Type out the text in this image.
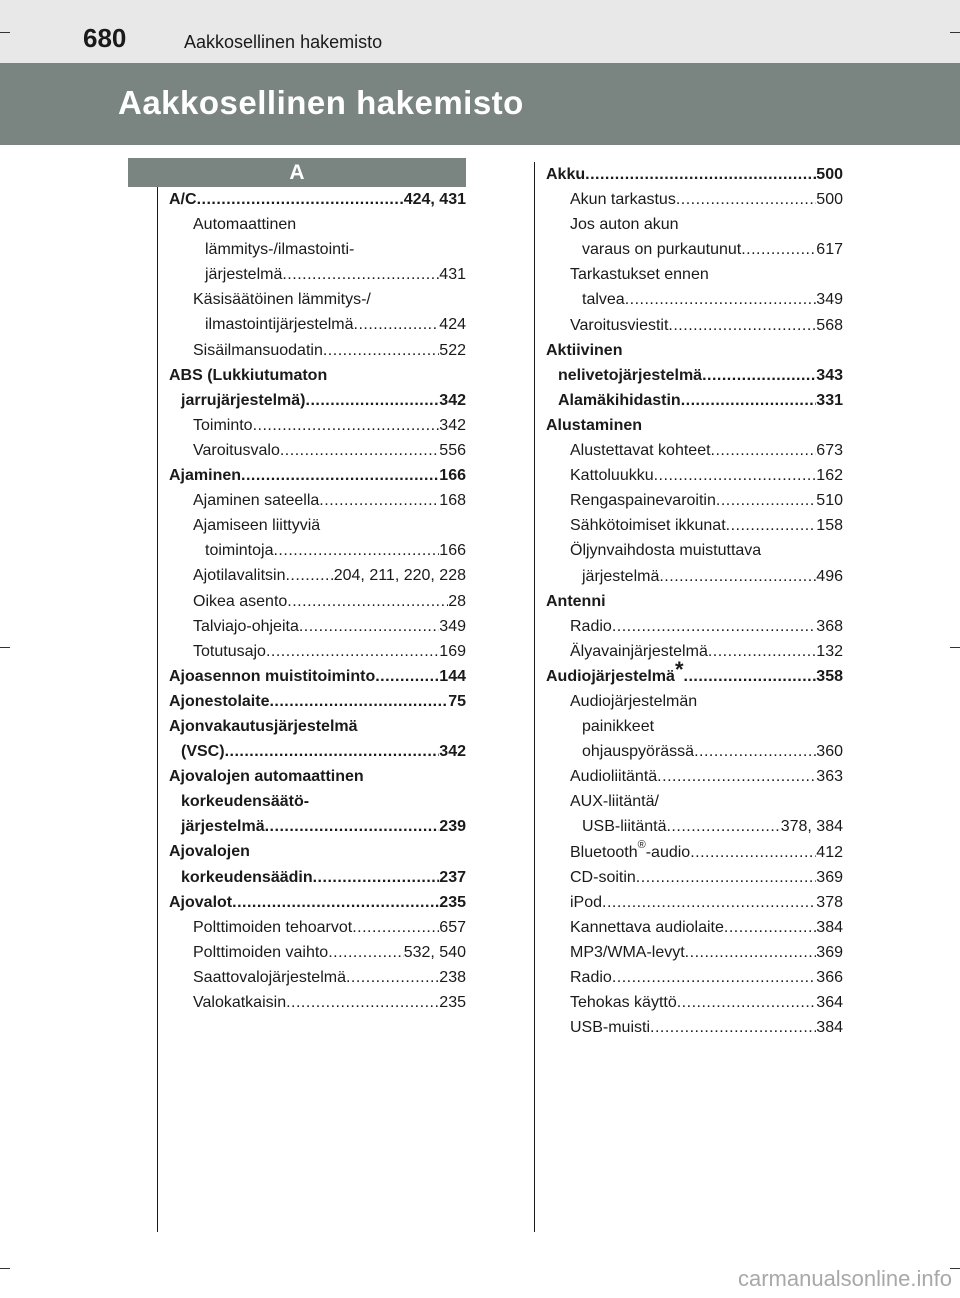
680	Aakkosellinen hakemisto
Aakkosellinen hakemisto
A
A/C .....	424, 431
Automaattinen
lämmitys-/ilmastointi-
järjestelmä .....	431
Käsisäätöinen lämmitys-/
ilmastointijärjestelmä .....	424
Sisäilmansuodatin .....	522
ABS (Lukkiutumaton
jarrujärjestelmä) .....	342
Toiminto .....	342
Varoitusvalo .....	556
Ajaminen .....	166
Ajaminen sateella .....	168
Ajamiseen liittyviä
toimintoja .....	166
Ajotilavalitsin .....	204, 211, 220, 228
Oikea asento .....	28
Talviajo-ohjeita .....	349
Totutusajo .....	169
Ajoasennon muistitoiminto .....	144
Ajonestolaite .....	75
Ajonvakautusjärjestelmä
(VSC) .....	342
Ajovalojen automaattinen
korkeudensäätö-
järjestelmä .....	239
Ajovalojen
korkeudensäädin .....	237
Ajovalot .....	235
Polttimoiden tehoarvot .....	657
Polttimoiden vaihto .....	532, 540
Saattovalojärjestelmä .....	238
Valokatkaisin .....	235
Akku .....	500
Akun tarkastus .....	500
Jos auton akun
varaus on purkautunut .....	617
Tarkastukset ennen
talvea .....	349
Varoitusviestit .....	568
Aktiivinen
nelivetojärjestelmä .....	343
Alamäkihidastin .....	331
Alustaminen
Alustettavat kohteet .....	673
Kattoluukku .....	162
Rengaspainevaroitin .....	510
Sähkötoimiset ikkunat .....	158
Öljynvaihdosta muistuttava
järjestelmä .....	496
Antenni
Radio .....	368
Älyavainjärjestelmä .....	132
Audiojärjestelmä* .....	358
Audiojärjestelmän
painikkeet
ohjauspyörässä .....	360
Audioliitäntä .....	363
AUX-liitäntä/
USB-liitäntä .....	378, 384
Bluetooth®-audio .....	412
CD-soitin .....	369
iPod .....	378
Kannettava audiolaite .....	384
MP3/WMA-levyt .....	369
Radio .....	366
Tehokas käyttö .....	364
USB-muisti .....	384
carmanualsonline.info
